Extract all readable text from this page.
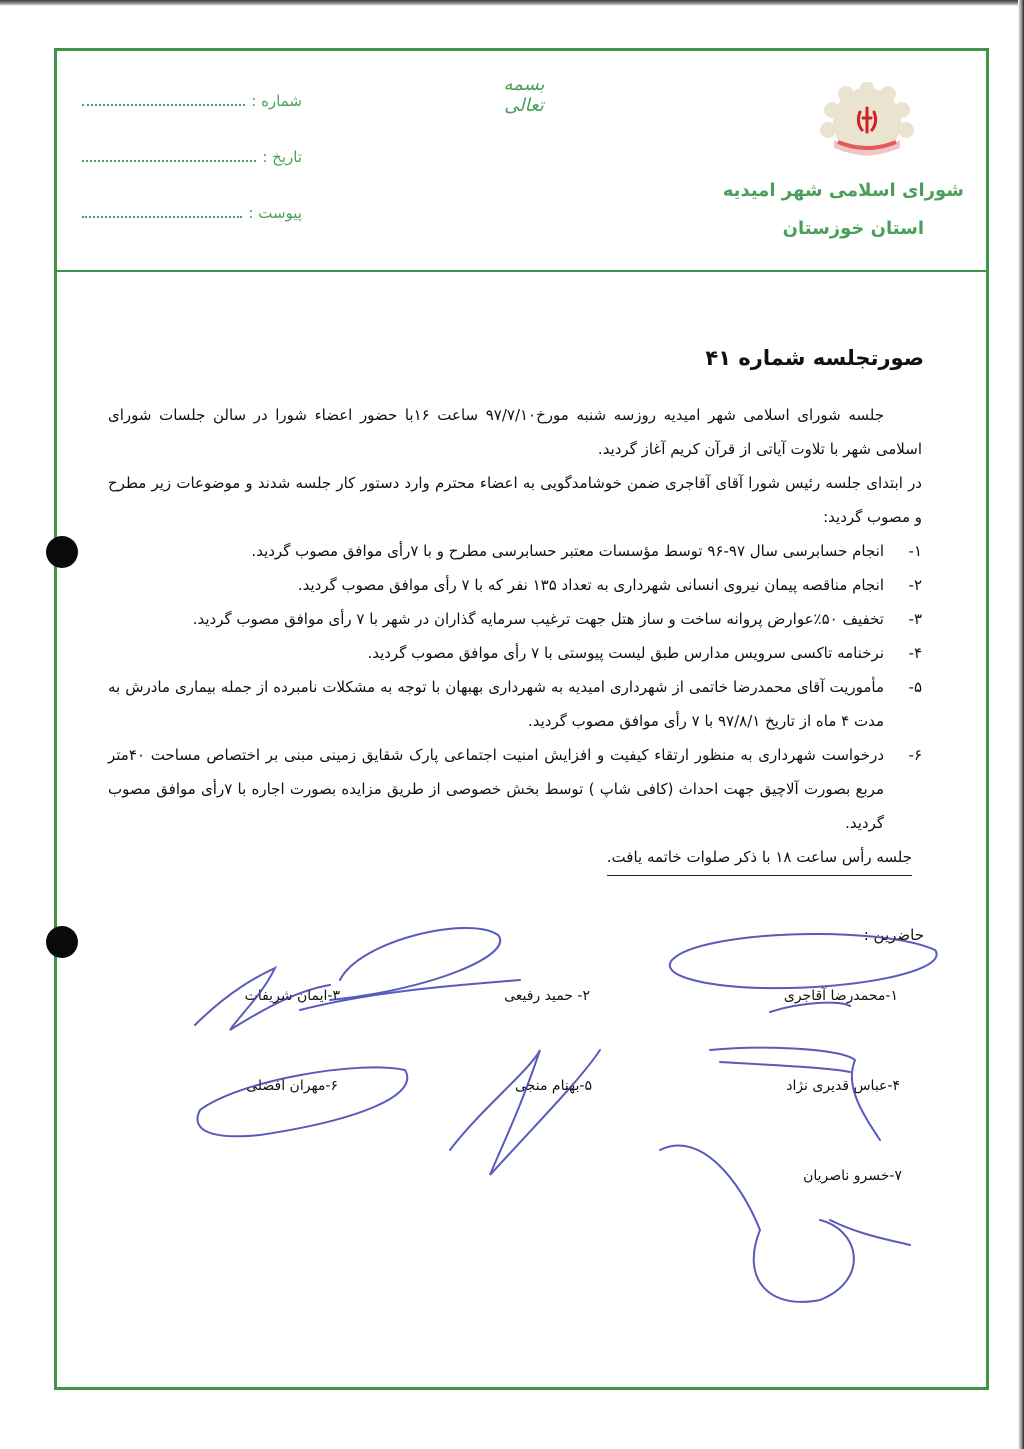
بسمه تعالی
شماره :
تاریخ :
پیوست :
شورای اسلامی شهر امیدیه
استان خوزستان
صورتجلسه شماره ۴۱

جلسه شورای اسلامی شهر امیدیه روزسه شنبه مورخ۹۷/۷/۱۰ ساعت ۱۶با حضور اعضاء شورا در سالن جلسات شورای اسلامی شهر با تلاوت آیاتی از قرآن کریم آغاز گردید.

در ابتدای جلسه رئیس شورا آقای آقاجری ضمن خوشامدگویی به اعضاء محترم وارد دستور کار جلسه شدند و موضوعات زیر مطرح و مصوب گردید:

۱-
انجام حسابرسی سال ۹۷-۹۶ توسط مؤسسات معتبر حسابرسی مطرح و با ۷رأی موافق مصوب گردید.
۲-
انجام مناقصه پیمان نیروی انسانی شهرداری به تعداد ۱۳۵ نفر که با ۷ رأی موافق مصوب گردید.
۳-
تخفیف ۵۰٪عوارض پروانه ساخت و ساز هتل جهت ترغیب سرمایه گذاران در شهر با ۷ رأی موافق مصوب گردید.
۴-
نرخنامه تاکسی سرویس مدارس طبق لیست پیوستی با ۷ رأی موافق مصوب گردید.
۵-
مأموریت آقای محمدرضا خاتمی از شهرداری امیدیه به شهرداری بهبهان با توجه به مشکلات نامبرده از جمله بیماری مادرش به مدت ۴ ماه از تاریخ ۹۷/۸/۱ با ۷ رأی موافق مصوب گردید.
۶-
درخواست شهرداری به منظور ارتقاء کیفیت و افزایش امنیت اجتماعی پارک شقایق زمینی مبنی بر اختصاص مساحت ۴۰متر مربع بصورت آلاچیق جهت احداث (کافی شاپ ) توسط بخش خصوصی از طریق مزایده بصورت اجاره با ۷رأی موافق مصوب گردید.

جلسه رأس ساعت ۱۸ با ذکر صلوات خاتمه یافت.

حاضرین :
۱-محمدرضا آقاجری
۲- حمید رفیعی
۳-ایمان شریفات
۴-عباس قدیری نژاد
۵-بهنام منجی
۶-مهران افضلی
۷-خسرو ناصریان
